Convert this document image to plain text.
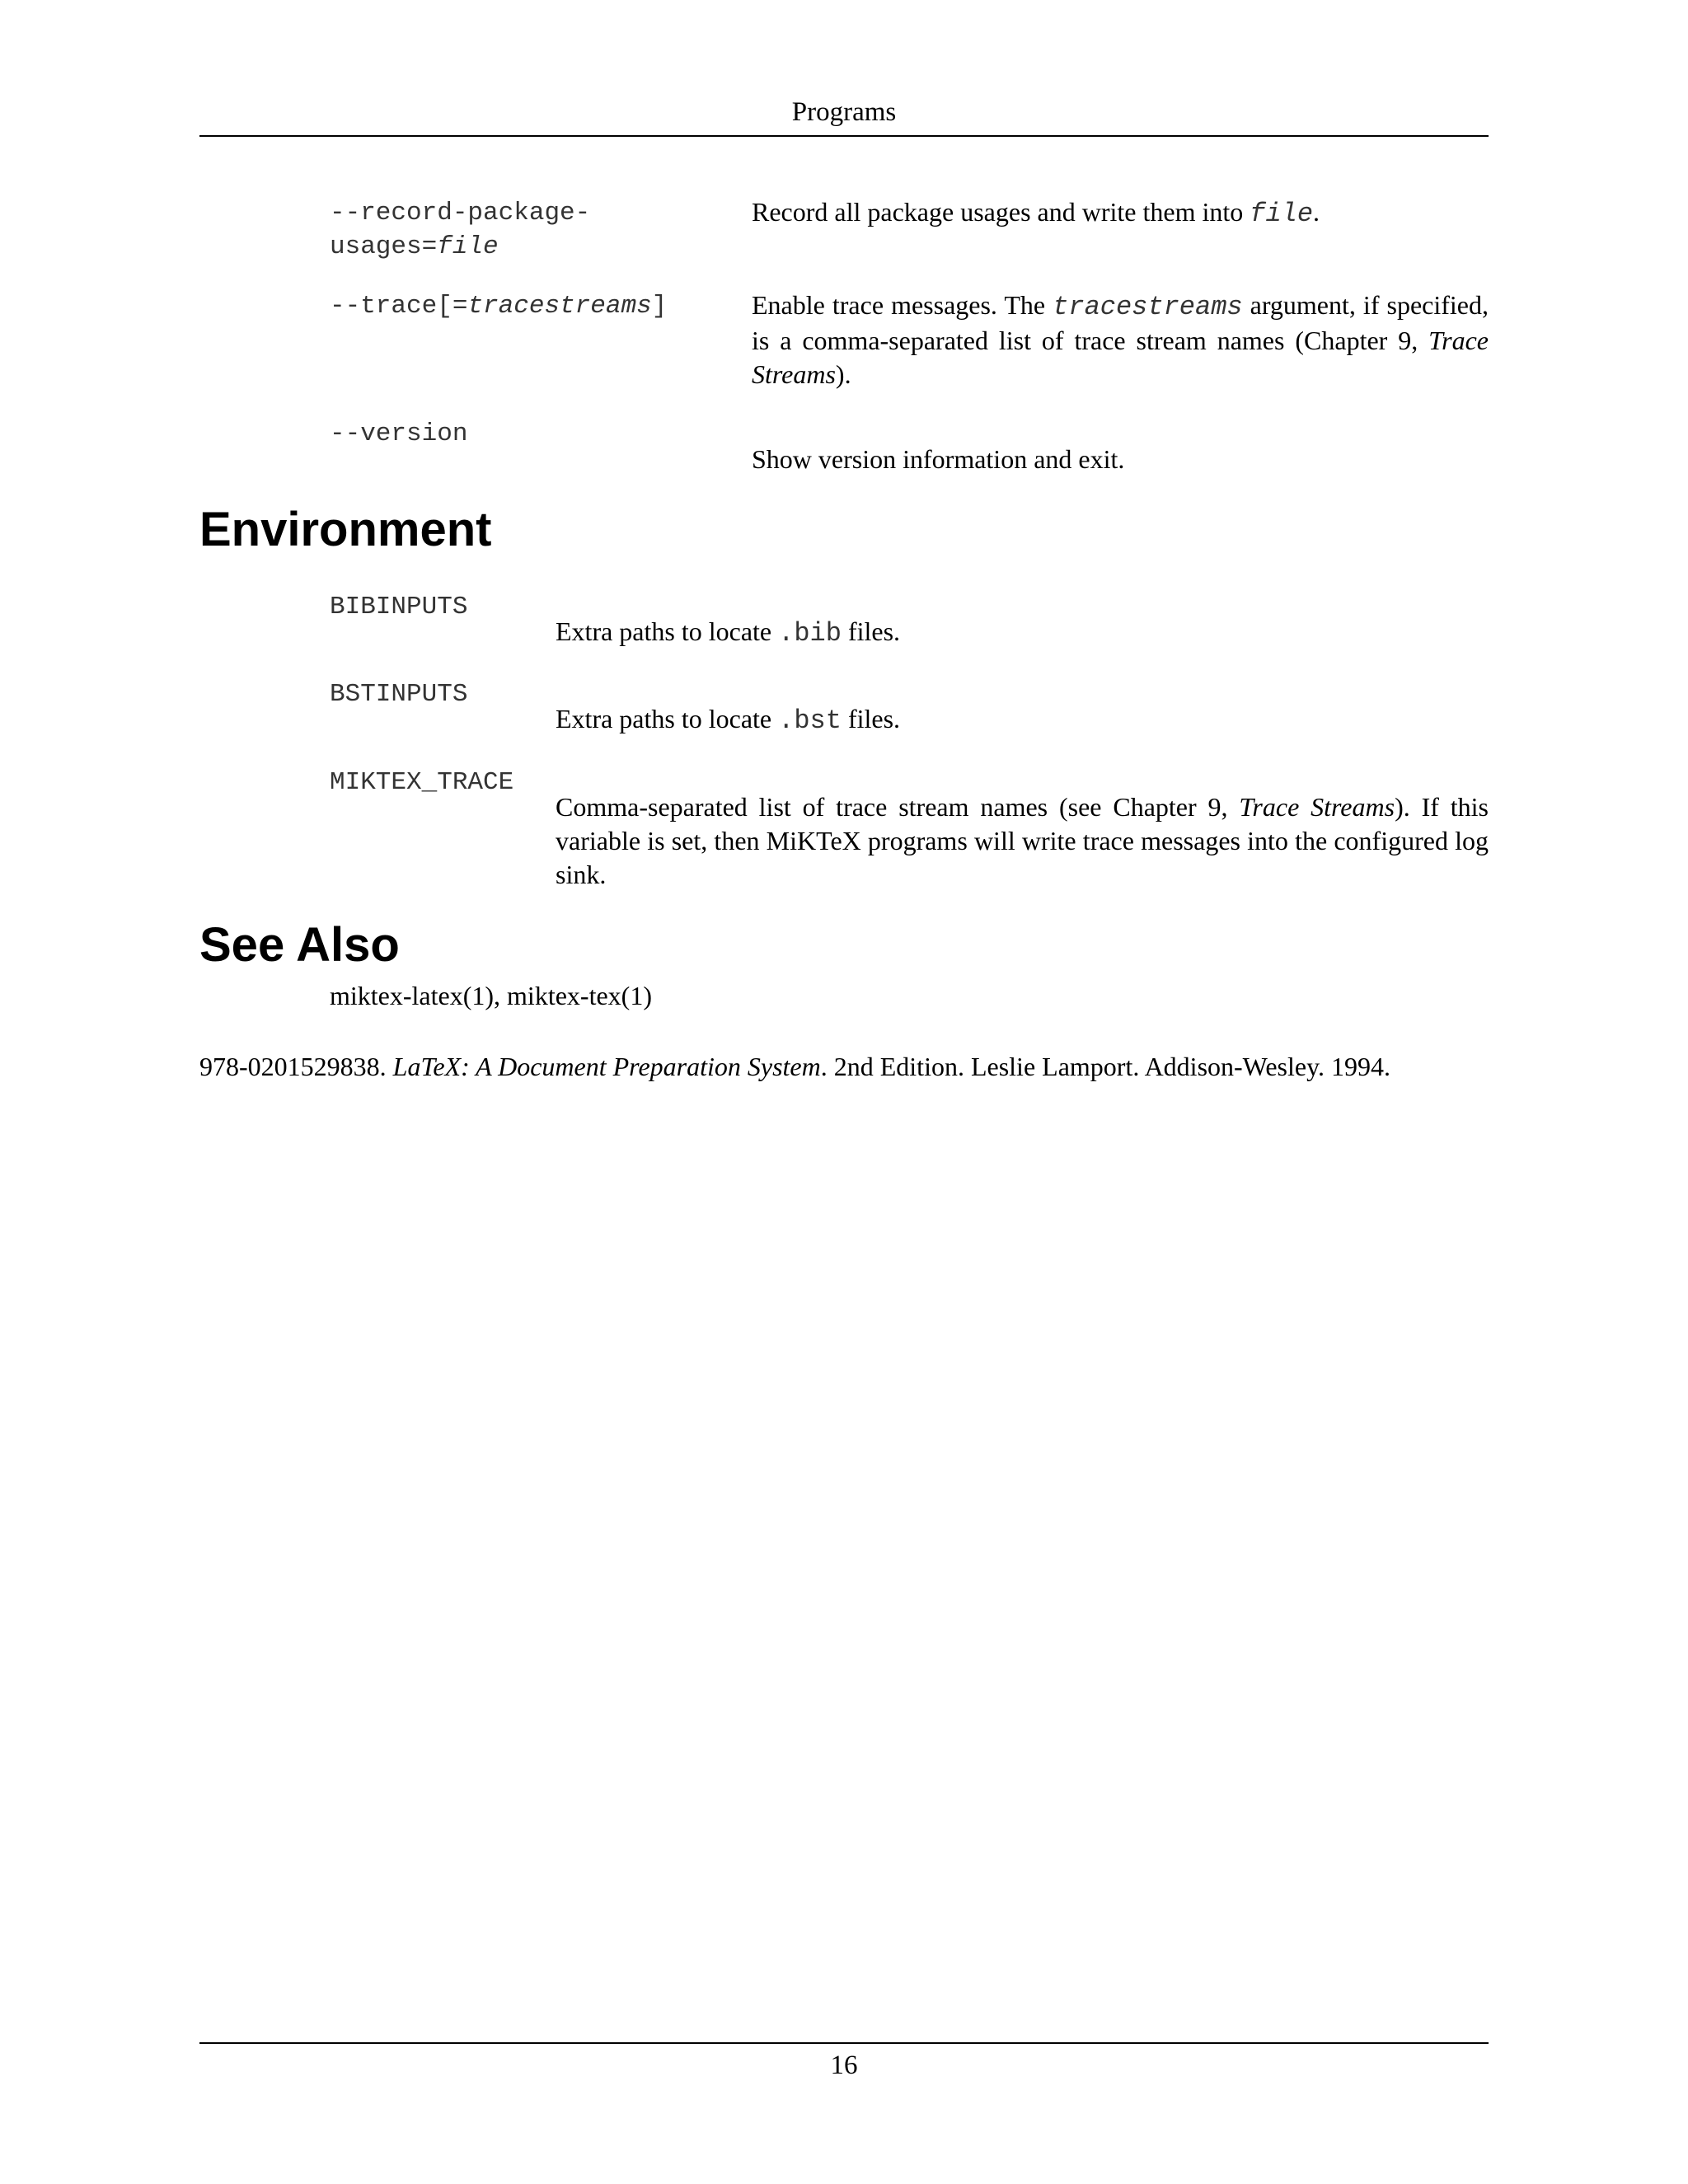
Programs
--record-package-
usages=file
Record all package usages and write them into file.
--trace[=tracestreams]	Enable trace messages. The tracestreams argument, if specified, is a comma-separated list of trace stream names (Chapter 9, Trace Streams).
--version
Show version information and exit.
Environment
BIBINPUTS
Extra paths to locate .bib files.
BSTINPUTS
Extra paths to locate .bst files.
MIKTEX_TRACE
Comma-separated list of trace stream names (see Chapter 9, Trace Streams). If this variable is set, then MiKTeX programs will write trace messages into the configured log sink.
See Also
miktex-latex(1), miktex-tex(1)
978-0201529838. LaTeX: A Document Preparation System. 2nd Edition. Leslie Lamport. Addison-Wesley. 1994.
16
